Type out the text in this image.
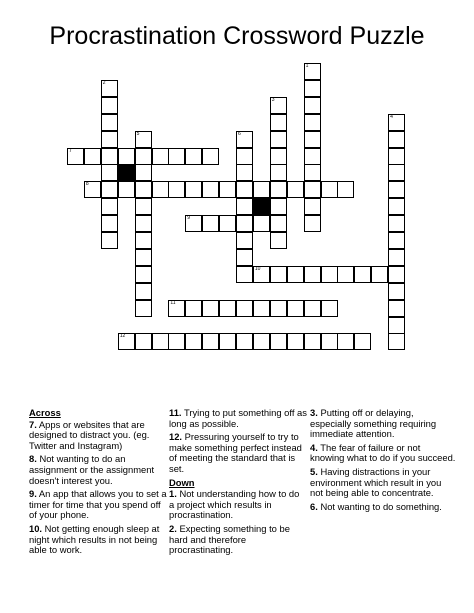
Procrastination Crossword Puzzle
1
2
3
4
5	6
7
8
9
10
11
12
Across
7. Apps or websites that are designed to distract you. (eg. Twitter and Instagram)
8. Not wanting to do an assignment or the assignment doesn't interest you.
9. An app that allows you to set a timer for time that you spend off of your phone.
10. Not getting enough sleep at night which results in not being able to work.
11. Trying to put something off as long as possible.
12. Pressuring yourself to try to make something perfect instead of meeting the standard that is set.
Down
1. Not understanding how to do a project which results in procrastination.
2. Expecting something to be hard and therefore procrastinating.
3. Putting off or delaying, especially something requiring immediate attention.
4. The fear of failure or not knowing what to do if you succeed.
5. Having distractions in your environment which result in you not being able to concentrate.
6. Not wanting to do something.
